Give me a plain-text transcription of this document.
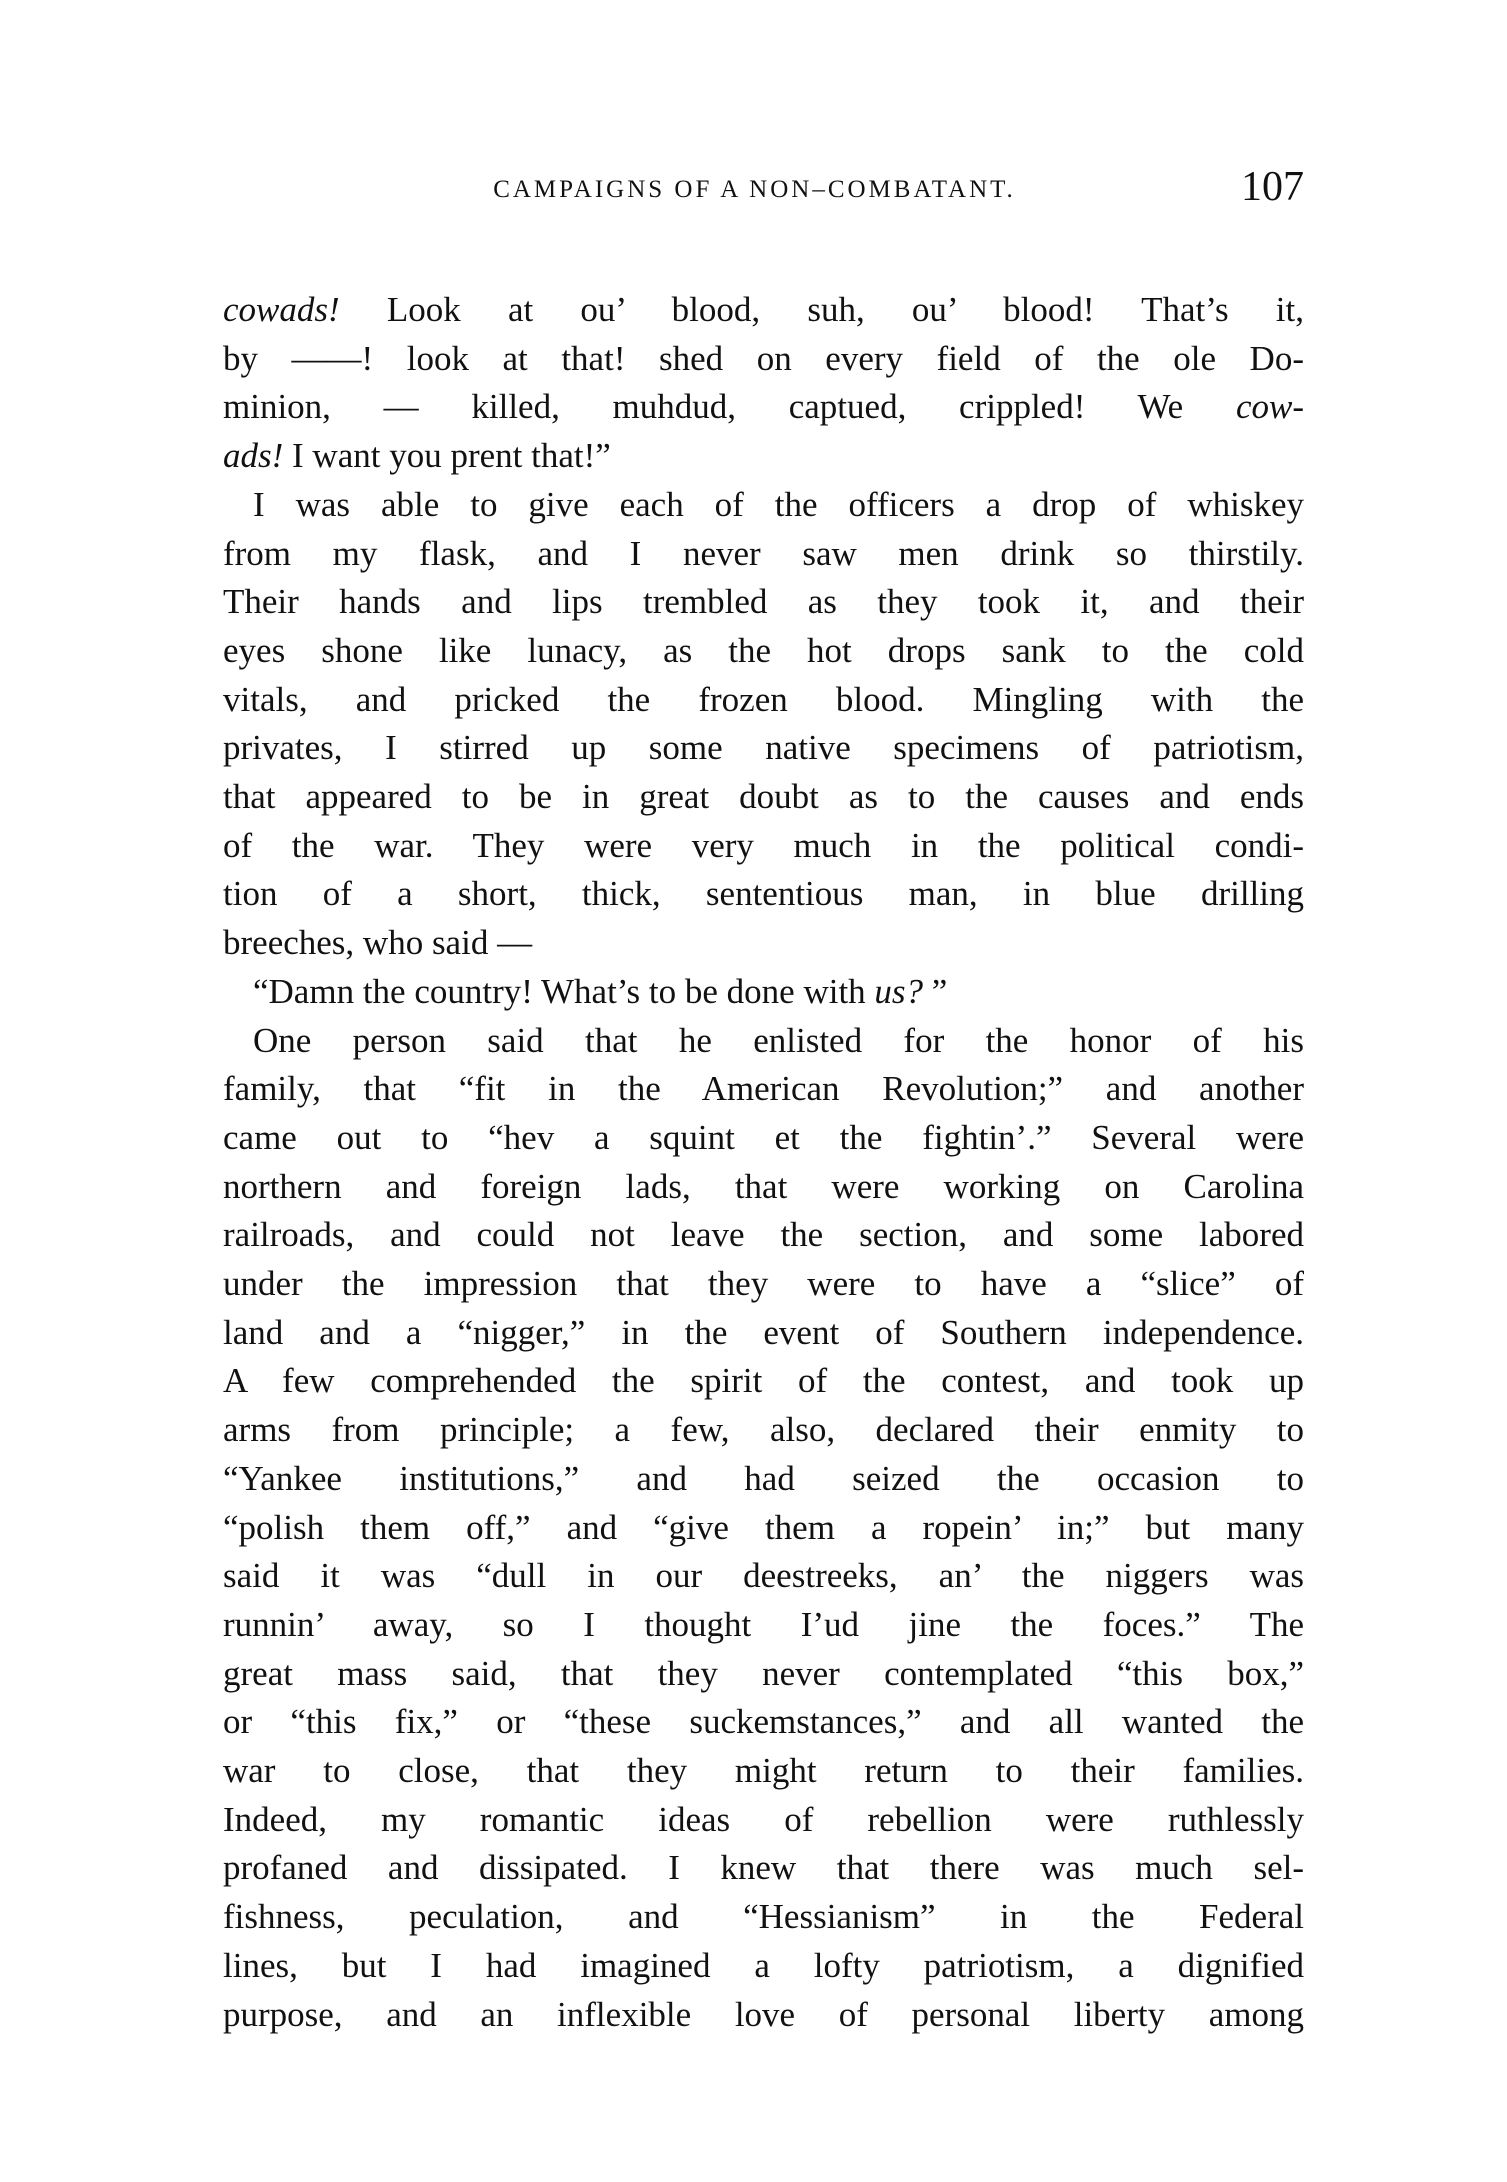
CAMPAIGNS OF A NON–COMBATANT.	107
cowads! Look at ou’ blood, suh, ou’ blood! That’s it,
by ——! look at that! shed on every field of the ole Do-
minion, — killed, muhdud, captued, crippled! We cow-
ads! I want you prent that!”
I was able to give each of the officers a drop of whiskey
from my flask, and I never saw men drink so thirstily.
Their hands and lips trembled as they took it, and their
eyes shone like lunacy, as the hot drops sank to the cold
vitals, and pricked the frozen blood. Mingling with the
privates, I stirred up some native specimens of patriotism,
that appeared to be in great doubt as to the causes and ends
of the war. They were very much in the political condi-
tion of a short, thick, sententious man, in blue drilling
breeches, who said —
“Damn the country! What’s to be done with us? ”
One person said that he enlisted for the honor of his
family, that “fit in the American Revolution;” and another
came out to “hev a squint et the fightin’.” Several were
northern and foreign lads, that were working on Carolina
railroads, and could not leave the section, and some labored
under the impression that they were to have a “slice” of
land and a “nigger,” in the event of Southern independence.
A few comprehended the spirit of the contest, and took up
arms from principle; a few, also, declared their enmity to
“Yankee institutions,” and had seized the occasion to
“polish them off,” and “give them a ropein’ in;” but many
said it was “dull in our deestreeks, an’ the niggers was
runnin’ away, so I thought I’ud jine the foces.” The
great mass said, that they never contemplated “this box,”
or “this fix,” or “these suckemstances,” and all wanted the
war to close, that they might return to their families.
Indeed, my romantic ideas of rebellion were ruthlessly
profaned and dissipated. I knew that there was much sel-
fishness, peculation, and “Hessianism” in the Federal
lines, but I had imagined a lofty patriotism, a dignified
purpose, and an inflexible love of personal liberty among
